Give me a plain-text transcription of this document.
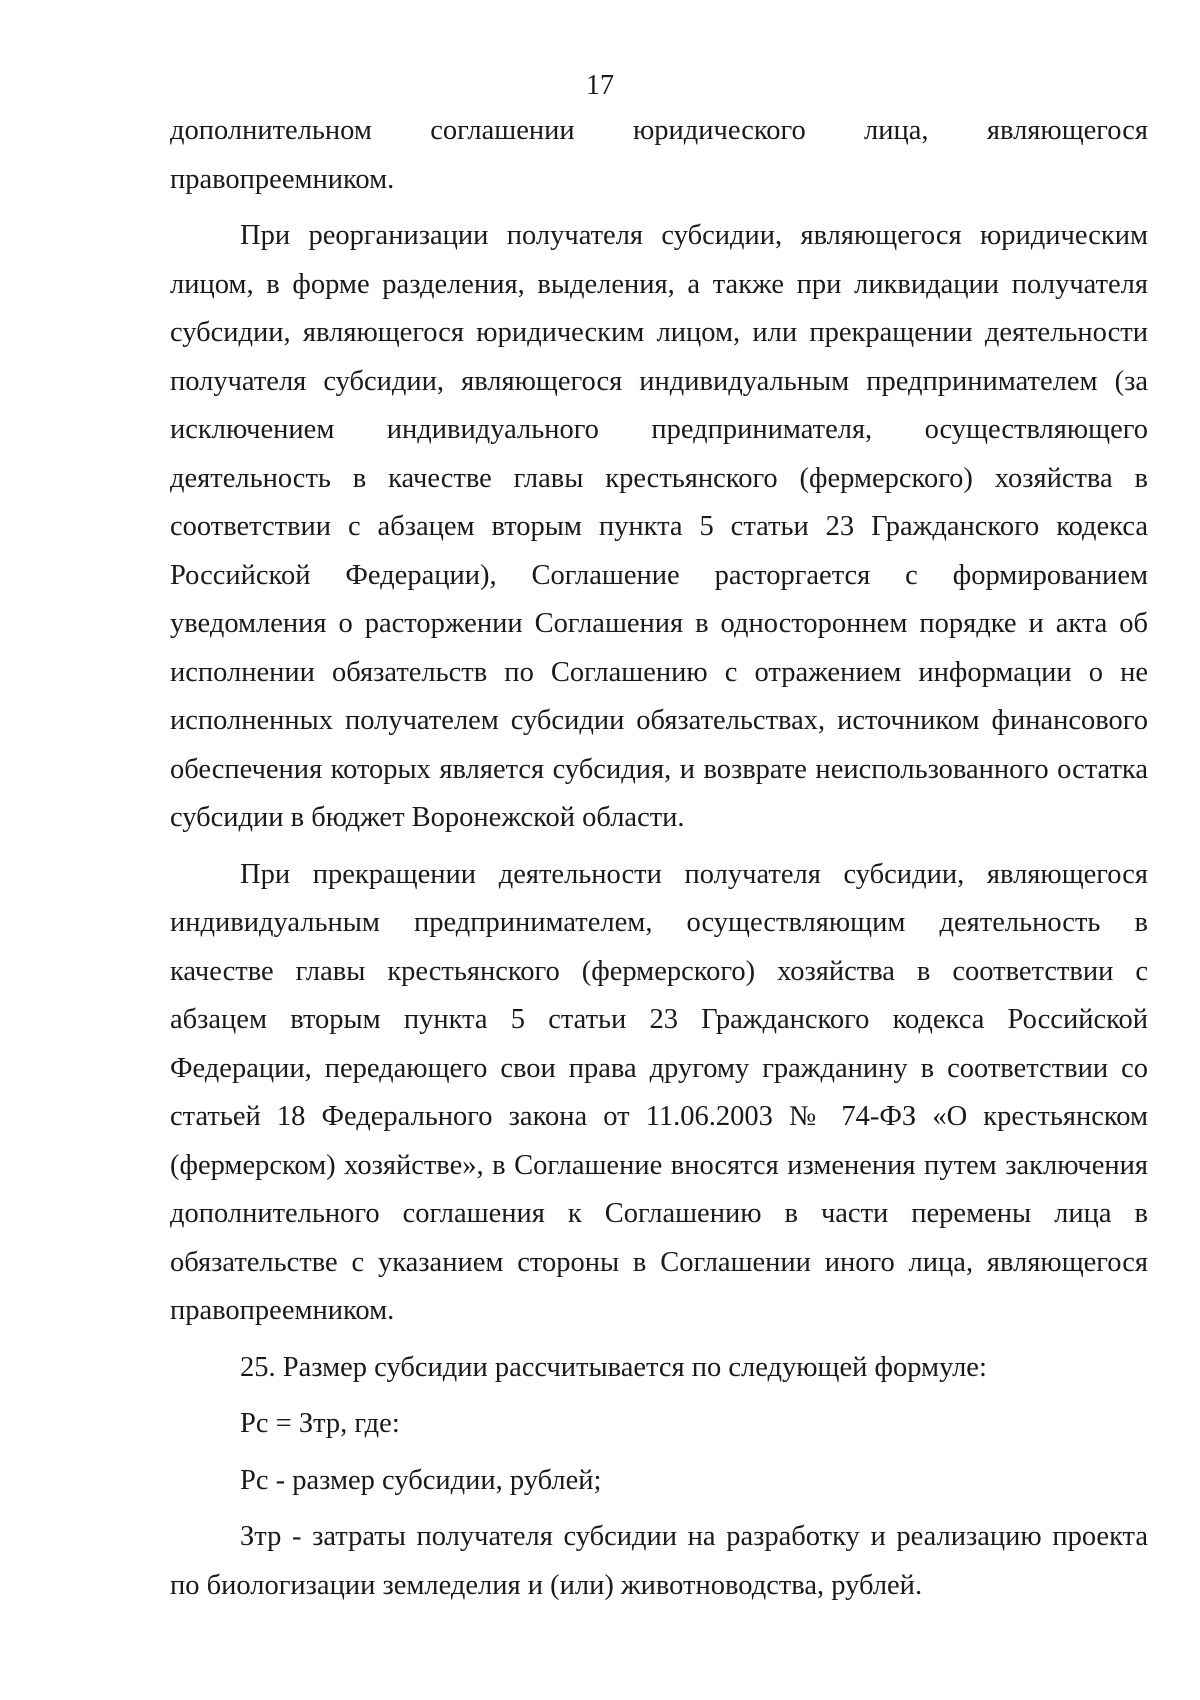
17

дополнительном соглашении юридического лица, являющегося
правопреемником.

При реорганизации получателя субсидии, являющегося юридическим лицом, в форме разделения, выделения, а также при ликвидации получателя субсидии, являющегося юридическим лицом, или прекращении деятельности получателя субсидии, являющегося индивидуальным предпринимателем (за исключением индивидуального предпринимателя, осуществляющего деятельность в качестве главы крестьянского (фермерского) хозяйства в соответствии с абзацем вторым пункта 5 статьи 23 Гражданского кодекса Российской Федерации), Соглашение расторгается с формированием уведомления о расторжении Соглашения в одностороннем порядке и акта об исполнении обязательств по Соглашению с отражением информации о не исполненных получателем субсидии обязательствах, источником финансового обеспечения которых является субсидия, и возврате неиспользованного остатка субсидии в бюджет Воронежской области.

При прекращении деятельности получателя субсидии, являющегося индивидуальным предпринимателем, осуществляющим деятельность в качестве главы крестьянского (фермерского) хозяйства в соответствии с абзацем вторым пункта 5 статьи 23 Гражданского кодекса Российской Федерации, передающего свои права другому гражданину в соответствии со статьей 18 Федерального закона от 11.06.2003 № 74-ФЗ «О крестьянском (фермерском) хозяйстве», в Соглашение вносятся изменения путем заключения дополнительного соглашения к Соглашению в части перемены лица в обязательстве с указанием стороны в Соглашении иного лица, являющегося правопреемником.

25. Размер субсидии рассчитывается по следующей формуле:

Рс = Зтр, где:

Рс - размер субсидии, рублей;

Зтр - затраты получателя субсидии на разработку и реализацию проекта по биологизации земледелия и (или) животноводства, рублей.
